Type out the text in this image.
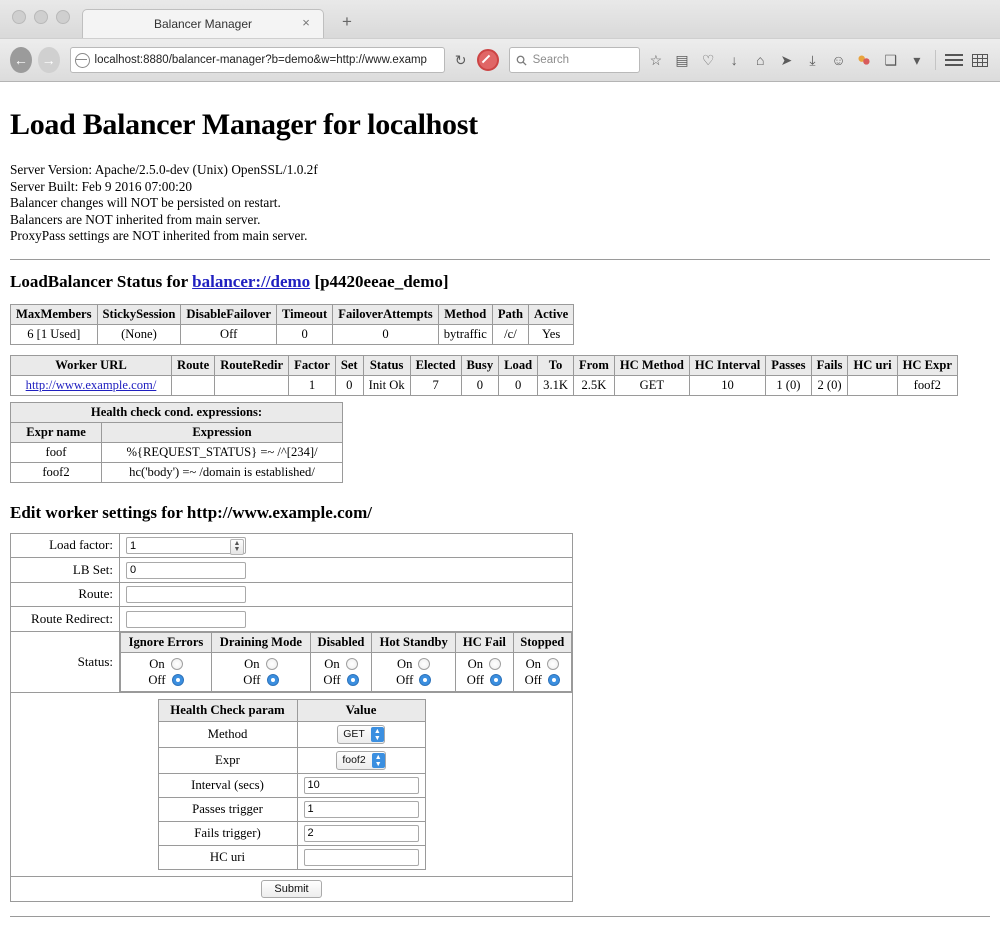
Balancer Manager	× +
← →	localhost:8880/balancer-manager?b=demo&w=http://www.examp ↻	Search	☆ ▤ ♡	↓	⌂	➤	⤓	☺	❑	▾
Load Balancer Manager for localhost
Server Version: Apache/2.5.0-dev (Unix) OpenSSL/1.0.2f
Server Built: Feb 9 2016 07:00:20
Balancer changes will NOT be persisted on restart.
Balancers are NOT inherited from main server.
ProxyPass settings are NOT inherited from main server.
LoadBalancer Status for balancer://demo [p4420eeae_demo]
MaxMembers	StickySession	DisableFailover	Timeout	FailoverAttempts	Method	Path	Active
6 [1 Used]	(None)	Off	0	0	bytraffic	/c/	Yes
Worker URL	Route	RouteRedir	Factor	Set	Status	Elected	Busy	Load	To	From	HC Method	HC Interval	Passes	Fails	HC uri	HC Expr
http://www.example.com/			1	0	Init Ok	7	0	0	3.1K	2.5K	GET	10	1 (0)	2 (0)		foof2
Health check cond. expressions:	
Expr name	Expression
foof	%{REQUEST_STATUS} =~ /^[234]/
foof2	hc('body') =~ /domain is established/
Edit worker settings for http://www.example.com/
Load factor:	1▲
▼

LB Set:	0
Route:	
Route Redirect:	
Status:	
Ignore Errors	Draining Mode	Disabled	Hot Standby	HC Fail	Stopped

On
Off

On
Off

On
Off

On
Off

On
Off

On
Off

Health Check param	Value
Method	GET	▲
▼

Expr	foof2	▲
▼

Interval (secs)	10
Passes trigger	1
Fails trigger)	2
HC uri	

Submit
